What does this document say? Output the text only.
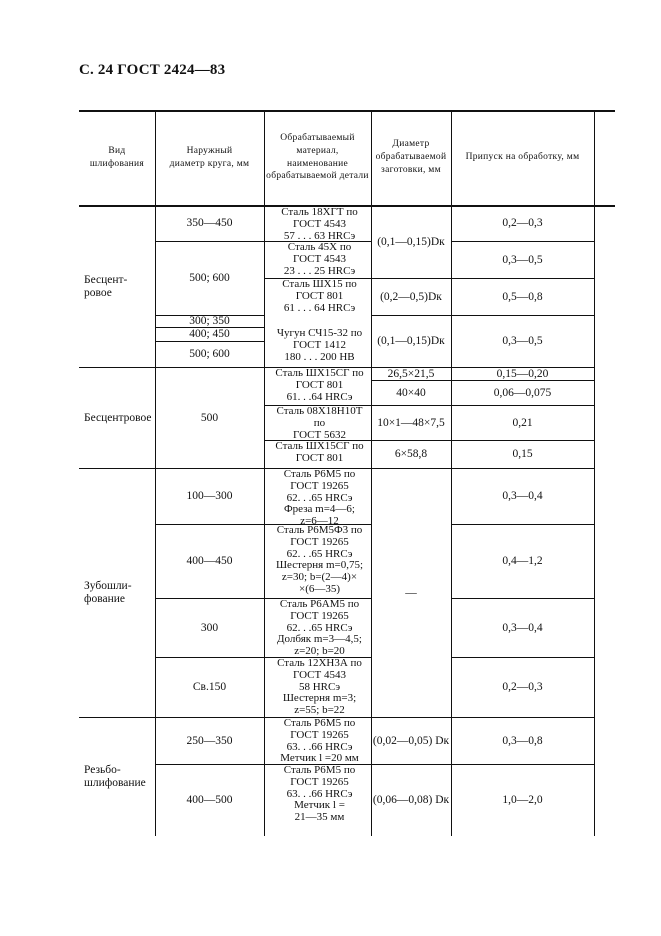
С. 24 ГОСТ 2424—83
Вид
шлифования
Наружный
диаметр круга, мм
Обрабатываемый
материал,
наименование
обрабатываемой детали
Диаметр
обрабатываемой
заготовки, мм
Припуск на обработку, мм
Бесцент-
ровое
Бесцентровое
Зубошли-
фование
Резьбо-
шлифование
350—450
500; 600
300; 350
400; 450
500; 600
500
100—300
400—450
300
Св.150
250—350
400—500
Сталь 18ХГТ по
ГОСТ 4543
57 . . . 63 HRCэ
Сталь 45Х по
ГОСТ 4543
23 . . . 25 HRCэ
Сталь ШХ15 по
ГОСТ 801
61 . . . 64 HRCэ
Чугун СЧ15-32 по
ГОСТ 1412
180 . . . 200 НВ
Сталь ШХ15СГ по
ГОСТ 801
61. . .64 HRCэ
Сталь 08Х18Н10Т
по
ГОСТ 5632
Сталь ШХ15СГ по
ГОСТ 801
Сталь Р6М5 по
ГОСТ 19265
62. . .65 HRCэ
Фреза m=4—6;
z=6—12
Сталь Р6М5Ф3 по
ГОСТ 19265
62. . .65 HRCэ
Шестерня m=0,75;
z=30; b=(2—4)×
×(6—35)
Сталь Р6АМ5 по
ГОСТ 19265
62. . .65 HRCэ
Долбяк m=3—4,5;
z=20; b=20
Сталь 12ХН3А по
ГОСТ 4543
58 HRCэ
Шестерня m=3;
z=55; b=22
Сталь Р6М5 по
ГОСТ 19265
63. . .66 HRCэ
Метчик l =20 мм
Сталь Р6М5 по
ГОСТ 19265
63. . .66 HRCэ
Метчик l =
21—35 мм
(0,1—0,15)Dк
(0,2—0,5)Dк
(0,1—0,15)Dк
26,5×21,5
40×40
10×1—48×7,5
6×58,8
—
(0,02—0,05) Dк
(0,06—0,08) Dк
0,2—0,3
0,3—0,5
0,5—0,8
0,3—0,5
0,15—0,20
0,06—0,075
0,21
0,15
0,3—0,4
0,4—1,2
0,3—0,4
0,2—0,3
0,3—0,8
1,0—2,0
